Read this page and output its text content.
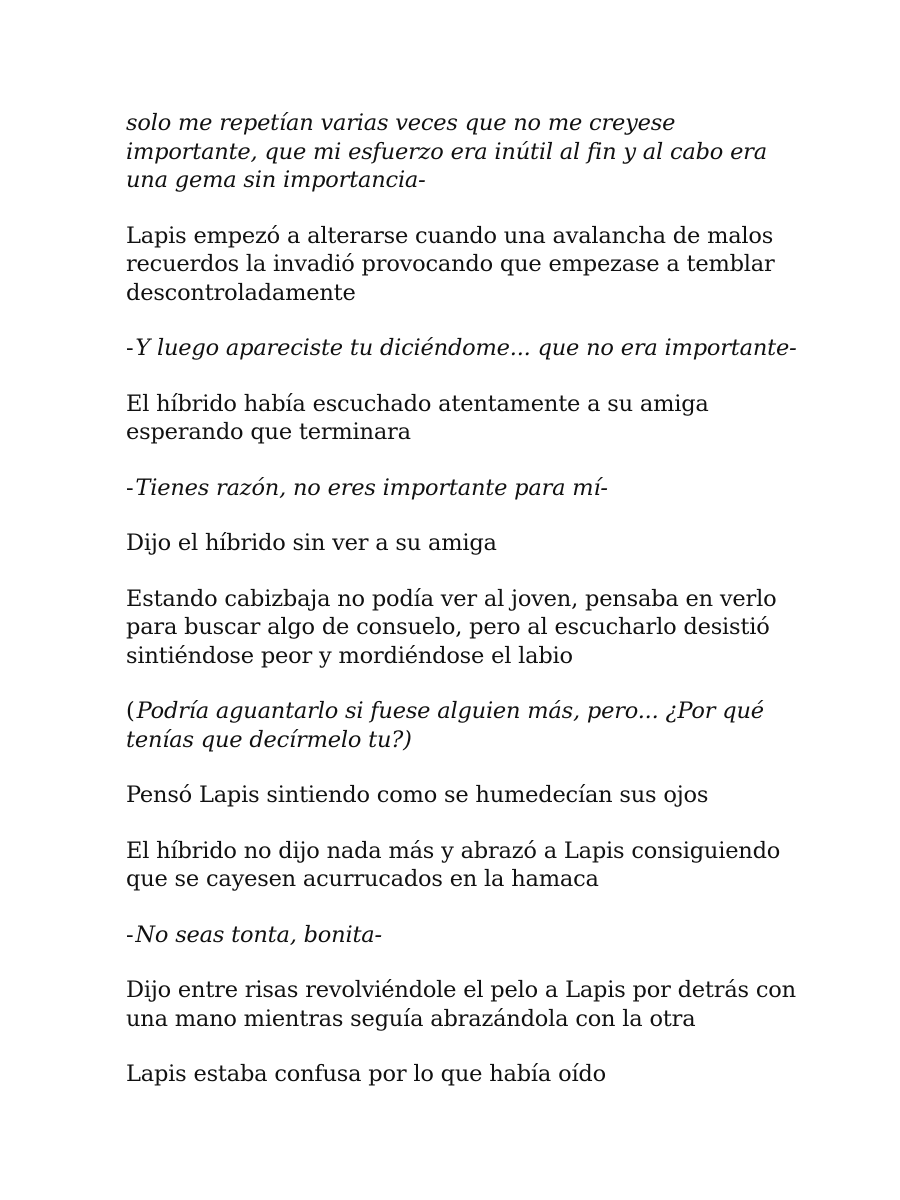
solo me repetían varias veces que no me creyese importante, que mi esfuerzo era inútil al fin y al cabo era una gema sin importancia-

Lapis empezó a alterarse cuando una avalancha de malos recuerdos la invadió provocando que empezase a temblar descontroladamente

-Y luego apareciste tu diciéndome... que no era importante-

El híbrido había escuchado atentamente a su amiga esperando que terminara

-Tienes razón, no eres importante para mí-

Dijo el híbrido sin ver a su amiga

Estando cabizbaja no podía ver al joven, pensaba en verlo para buscar algo de consuelo, pero al escucharlo desistió sintiéndose peor y mordiéndose el labio

(Podría aguantarlo si fuese alguien más, pero... ¿Por qué tenías que decírmelo tu?)

Pensó Lapis sintiendo como se humedecían sus ojos

El híbrido no dijo nada más y abrazó a Lapis consiguiendo que se cayesen acurrucados en la hamaca

-No seas tonta, bonita-

Dijo entre risas revolviéndole el pelo a Lapis por detrás con una mano mientras seguía abrazándola con la otra

Lapis estaba confusa por lo que había oído
